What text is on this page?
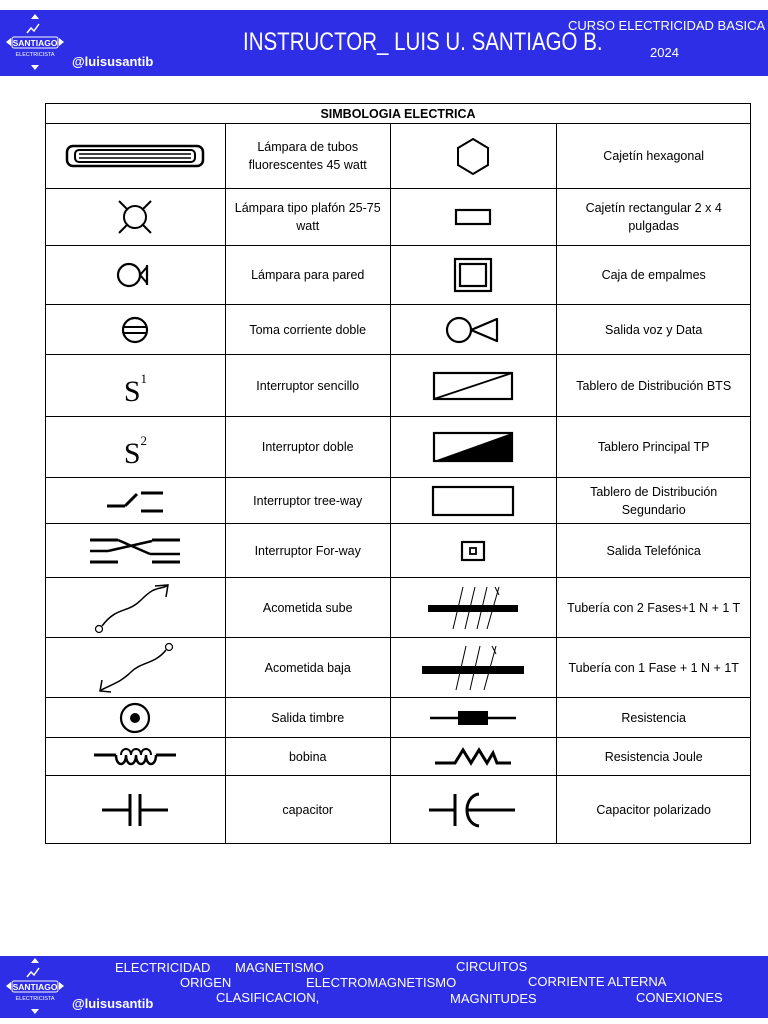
SANTIAGO
ELECTRICISTA @luisusantib
INSTRUCTOR_ LUIS U. SANTIAGO B.
CURSO ELECTRICIDAD BASICA
2024
SIMBOLOGIA ELECTRICA			

	Lámpara de tubos fluorescentes 45 watt		Cajetín hexagonal

	Lámpara tipo plafón 25-75 watt		Cajetín rectangular 2 x 4 pulgadas

	Lámpara para pared		Caja de empalmes

	Toma corriente doble		Salida voz y Data

$S^1$	Interruptor sencillo		Tablero de Distribución BTS

$S^2$	Interruptor doble		Tablero Principal TP

	Interruptor tree-way		Tablero de Distribución Segundario

	Interruptor For-way		Salida Telefónica

	Acometida sube		Tubería con 2 Fases+1 N + 1 T

	Acometida baja		Tubería con 1 Fase + 1 N + 1T

	Salida timbre		Resistencia

	bobina		Resistencia Joule

	capacitor		Capacitor polarizado
SANTIAGO
ELECTRICISTA @luisusantib
ELECTRICIDAD MAGNETISMO	CIRCUITOS
ORIGEN	ELECTROMAGNETISMO	CORRIENTE ALTERNA
CLASIFICACION,	MAGNITUDES	CONEXIONES
